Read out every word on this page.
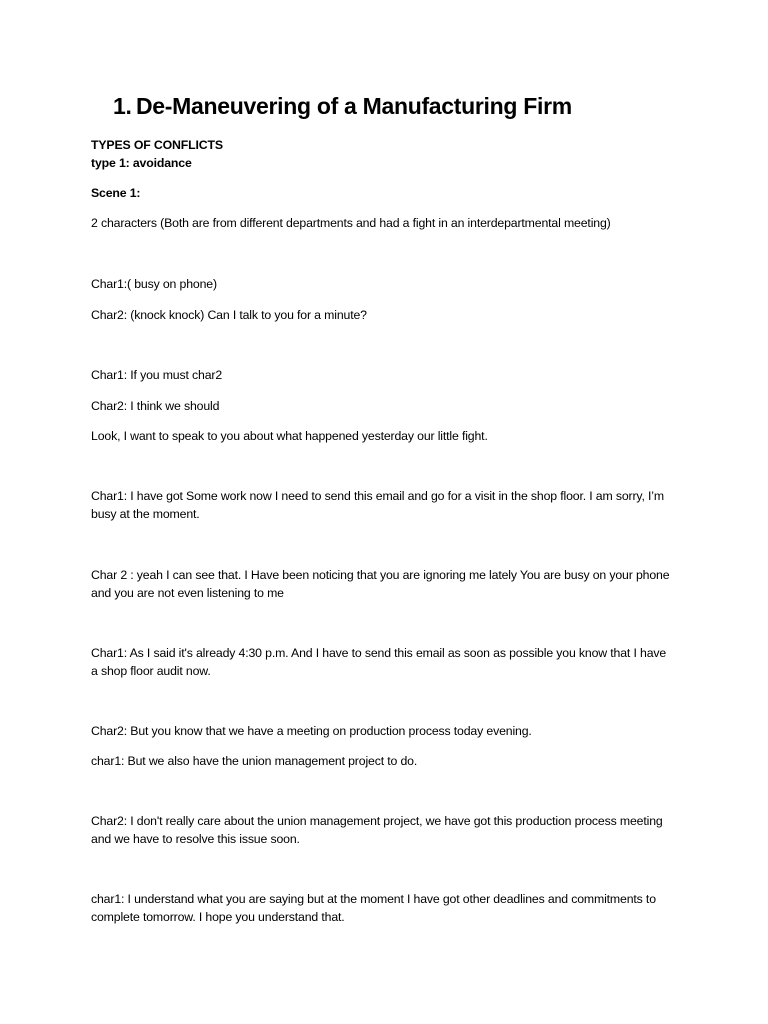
1. De-Maneuvering of a Manufacturing Firm
TYPES OF CONFLICTS
type 1: avoidance
Scene 1:
2 characters (Both are from different departments and had a fight in an interdepartmental meeting)
Char1:( busy on phone)
Char2: (knock knock) Can I talk to you for a minute?
Char1: If you must char2
Char2: I think we should
Look, I want to speak to you about what happened yesterday our little fight.
Char1: I have got Some work now I need to send this email and go for a visit in the shop floor. I am sorry, I’m busy at the moment.
Char 2 : yeah I can see that. I Have been noticing that you are ignoring me lately You are busy on your phone and you are not even listening to me
Char1: As I said it's already 4:30 p.m. And I have to send this email as soon as possible you know that I have a shop floor audit now.
Char2: But you know that we have a meeting on production process today evening.
char1: But we also have the union management project to do.
Char2: I don't really care about the union management project, we have got this production process meeting and we have to resolve this issue soon.
char1: I understand what you are saying but at the moment I have got other deadlines and commitments to complete tomorrow. I hope you understand that.
